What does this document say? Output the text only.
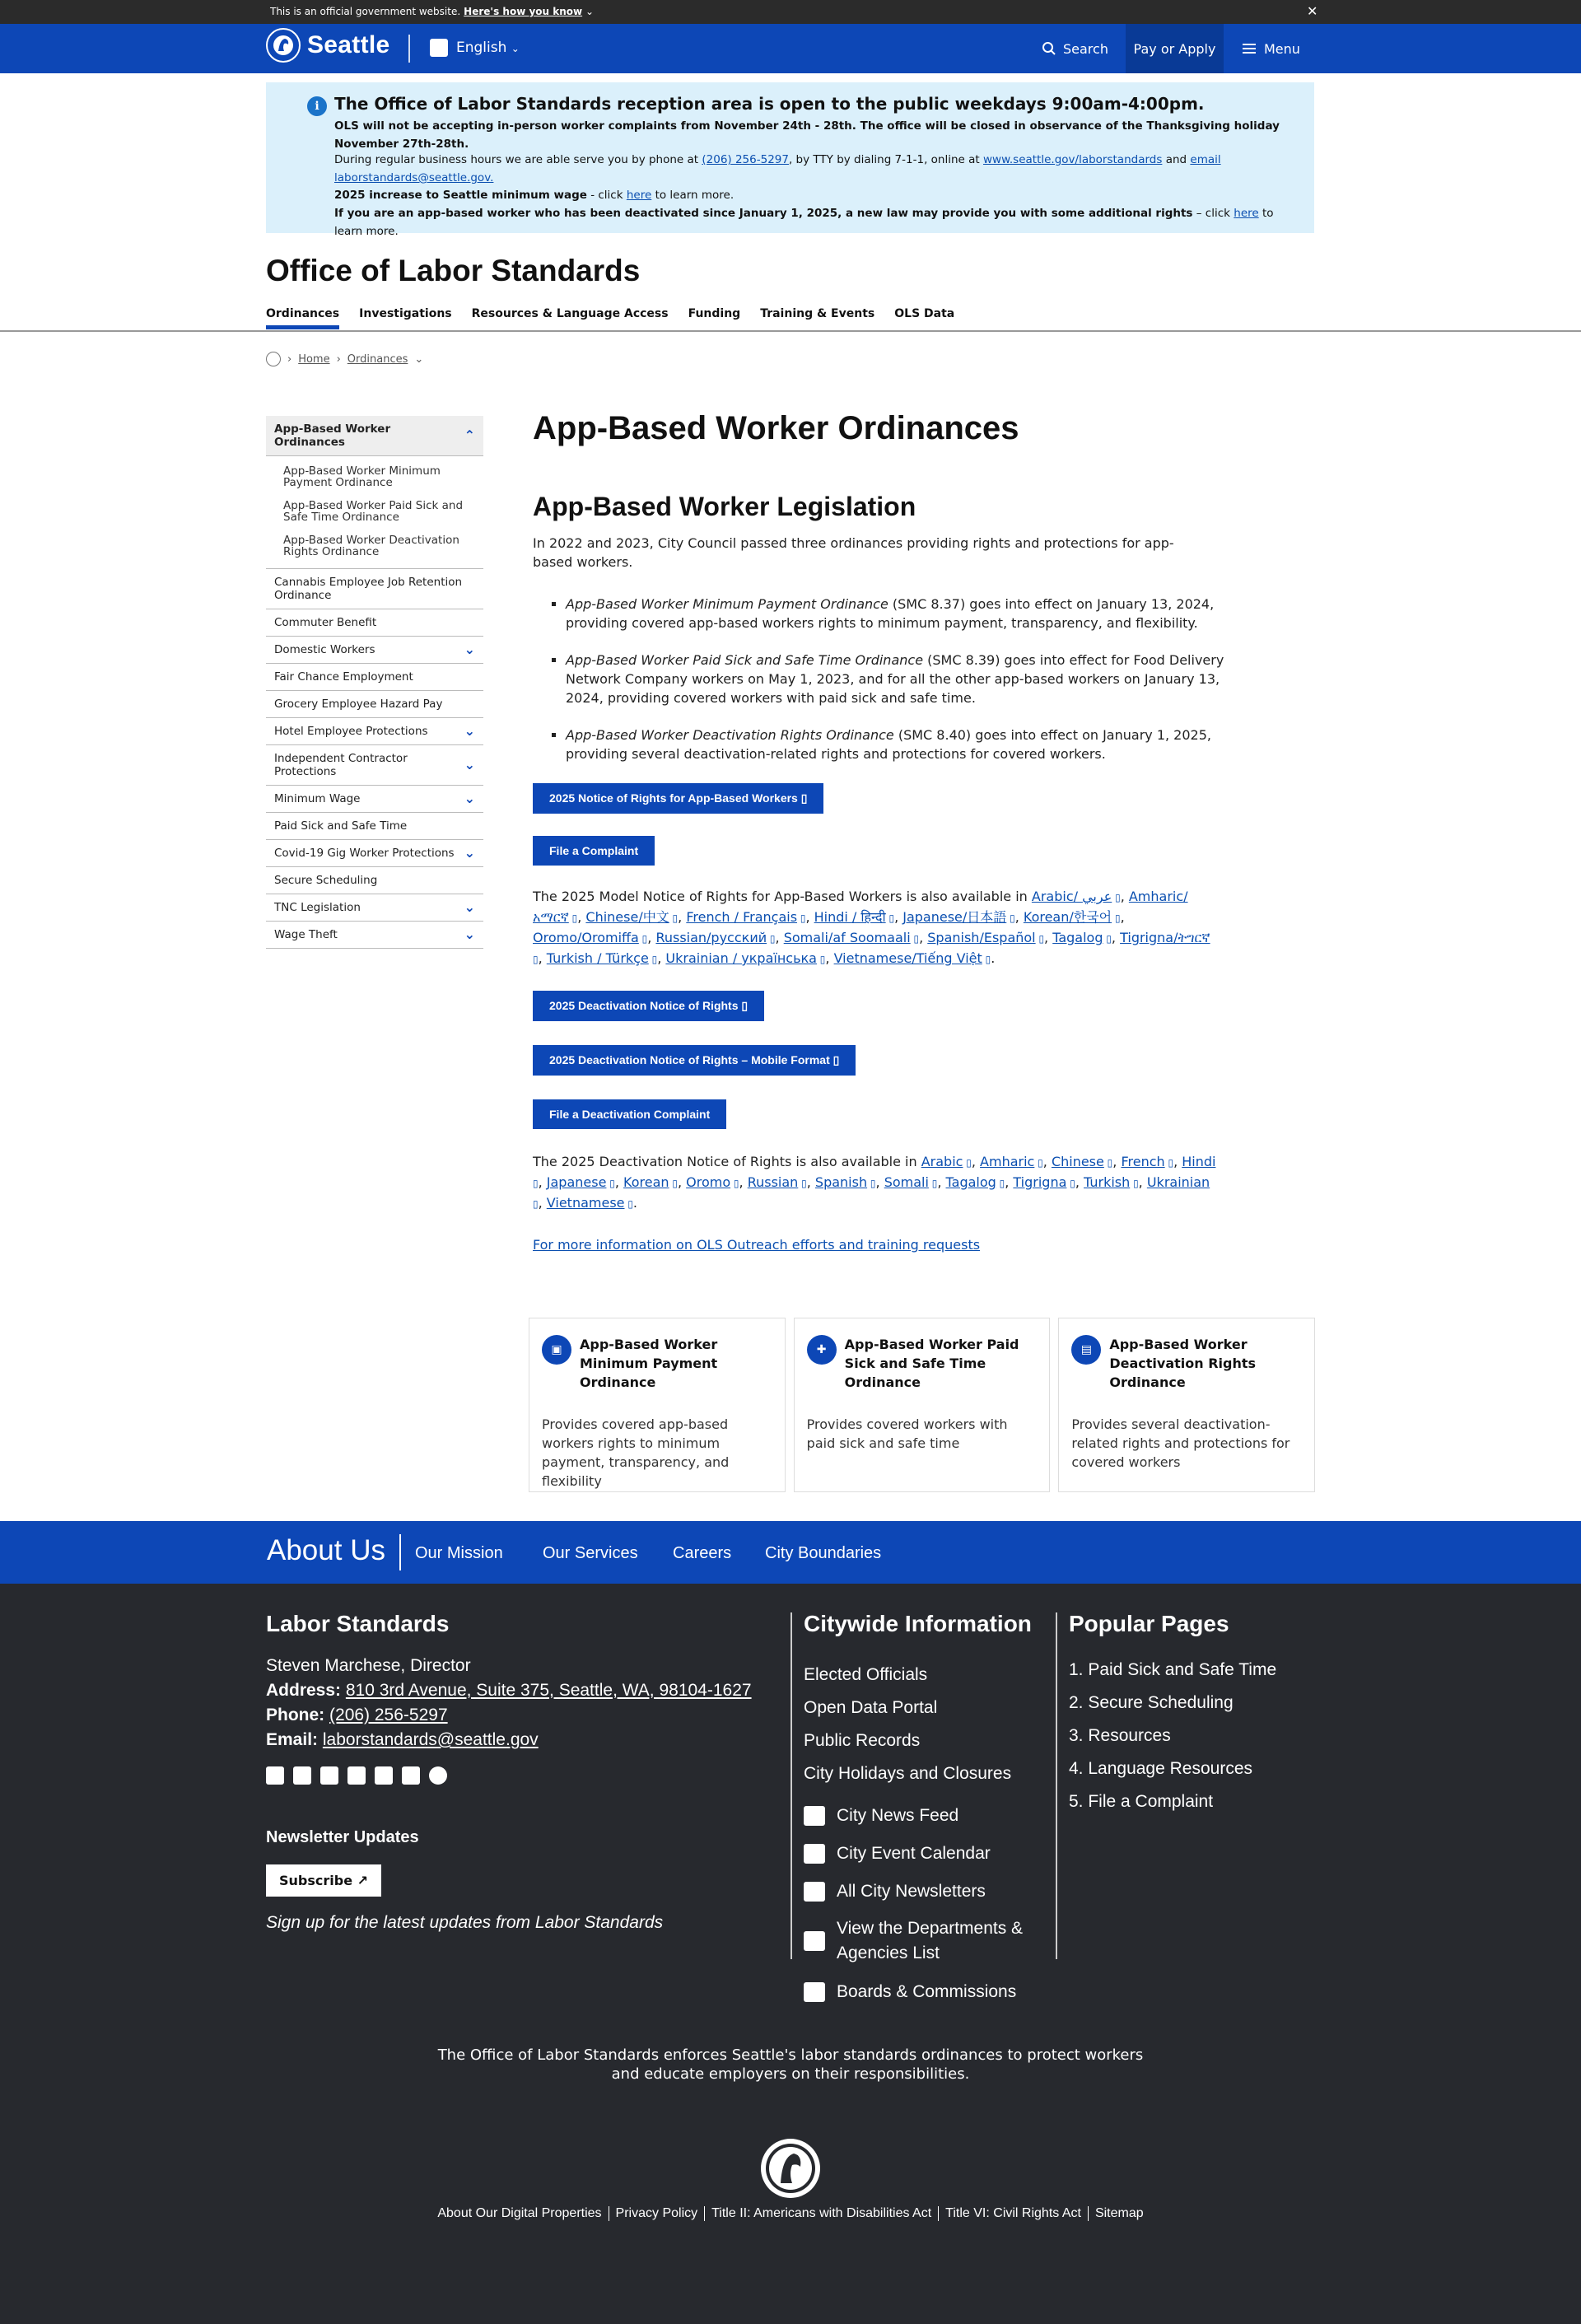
This is an official government website. Here's how you know ⌄	✕
Seattle	English ⌄	Search	Pay or Apply	Menu
i The Office of Labor Standards reception area is open to the public weekdays 9:00am-4:00pm.
OLS will not be accepting in-person worker complaints from November 24th - 28th. The office will be closed in observance of the Thanksgiving holiday November 27th-28th.
During regular business hours we are able serve you by phone at (206) 256-5297, by TTY by dialing 7-1-1, online at www.seattle.gov/laborstandards and email laborstandards@seattle.gov.
2025 increase to Seattle minimum wage - click here to learn more.
If you are an app-based worker who has been deactivated since January 1, 2025, a new law may provide you with some additional rights – click here to learn more.
Office of Labor Standards
Ordinances Investigations Resources & Language Access Funding Training & Events OLS Data
› Home › Ordinances ⌄
App-Based Worker Ordinances	⌃
App-Based Worker Minimum Payment Ordinance
App-Based Worker Paid Sick and Safe Time Ordinance
App-Based Worker Deactivation Rights Ordinance
Cannabis Employee Job Retention Ordinance
Commuter Benefit
Domestic Workers	⌄
Fair Chance Employment
Grocery Employee Hazard Pay
Hotel Employee Protections	⌄
Independent Contractor Protections	⌄
Minimum Wage	⌄
Paid Sick and Safe Time
Covid-19 Gig Worker Protections ⌄
Secure Scheduling
TNC Legislation	⌄
Wage Theft	⌄
App-Based Worker Ordinances
App-Based Worker Legislation

In 2022 and 2023, City Council passed three ordinances providing rights and protections for app-based workers.

▪ App-Based Worker Minimum Payment Ordinance (SMC 8.37) goes into effect on January 13, 2024, providing covered app-based workers rights to minimum payment, transparency, and flexibility.
▪ App-Based Worker Paid Sick and Safe Time Ordinance (SMC 8.39) goes into effect for Food Delivery Network Company workers on May 1, 2023, and for all the other app-based workers on January 13, 2024, providing covered workers with paid sick and safe time.
▪ App-Based Worker Deactivation Rights Ordinance (SMC 8.40) goes into effect on January 1, 2025, providing several deactivation-related rights and protections for covered workers.
2025 Notice of Rights for App-Based Workers ▯
File a Complaint

The 2025 Model Notice of Rights for App-Based Workers is also available in Arabic/ عربي ▯, Amharic/አማርኛ ▯, Chinese/中文 ▯, French / Français ▯, Hindi / हिन्दी ▯, Japanese/日本語 ▯, Korean/한국어 ▯, Oromo/Oromiffa ▯, Russian/русский ▯, Somali/af Soomaali ▯, Spanish/Español ▯, Tagalog ▯, Tigrigna/ትግርኛ ▯, Turkish / Türkçe ▯, Ukrainian / українська ▯, Vietnamese/Tiếng Việt ▯.

2025 Deactivation Notice of Rights ▯
2025 Deactivation Notice of Rights – Mobile Format ▯
File a Deactivation Complaint

The 2025 Deactivation Notice of Rights is also available in Arabic ▯, Amharic ▯, Chinese ▯, French ▯, Hindi ▯, Japanese ▯, Korean ▯, Oromo ▯, Russian ▯, Spanish ▯, Somali ▯, Tagalog ▯, Tigrigna ▯, Turkish ▯, Ukrainian ▯, Vietnamese ▯.

For more information on OLS Outreach efforts and training requests

▣	App-Based Worker Minimum Payment Ordinance
Provides covered app-based workers rights to minimum payment, transparency, and flexibility
✚	App-Based Worker Paid Sick and Safe Time Ordinance
Provides covered workers with paid sick and safe time
▤	App-Based Worker Deactivation Rights Ordinance
Provides several deactivation-related rights and protections for covered workers
About Us Our Mission Our Services Careers City Boundaries
Labor Standards
Steven Marchese, Director
Address: 810 3rd Avenue, Suite 375, Seattle, WA, 98104-1627
Phone: (206) 256-5297
Email: laborstandards@seattle.gov
Newsletter Updates
Subscribe ↗
Sign up for the latest updates from Labor Standards
Citywide Information
Elected Officials
Open Data Portal
Public Records
City Holidays and Closures
City News Feed
City Event Calendar
All City Newsletters
View the Departments & Agencies List
Boards & Commissions
Popular Pages
1. Paid Sick and Safe Time
2. Secure Scheduling
3. Resources
4. Language Resources
5. File a Complaint
The Office of Labor Standards enforces Seattle's labor standards ordinances to protect workers and educate employers on their responsibilities.
About Our Digital Properties	Privacy Policy	Title II: Americans with Disabilities Act	Title VI: Civil Rights Act	Sitemap
